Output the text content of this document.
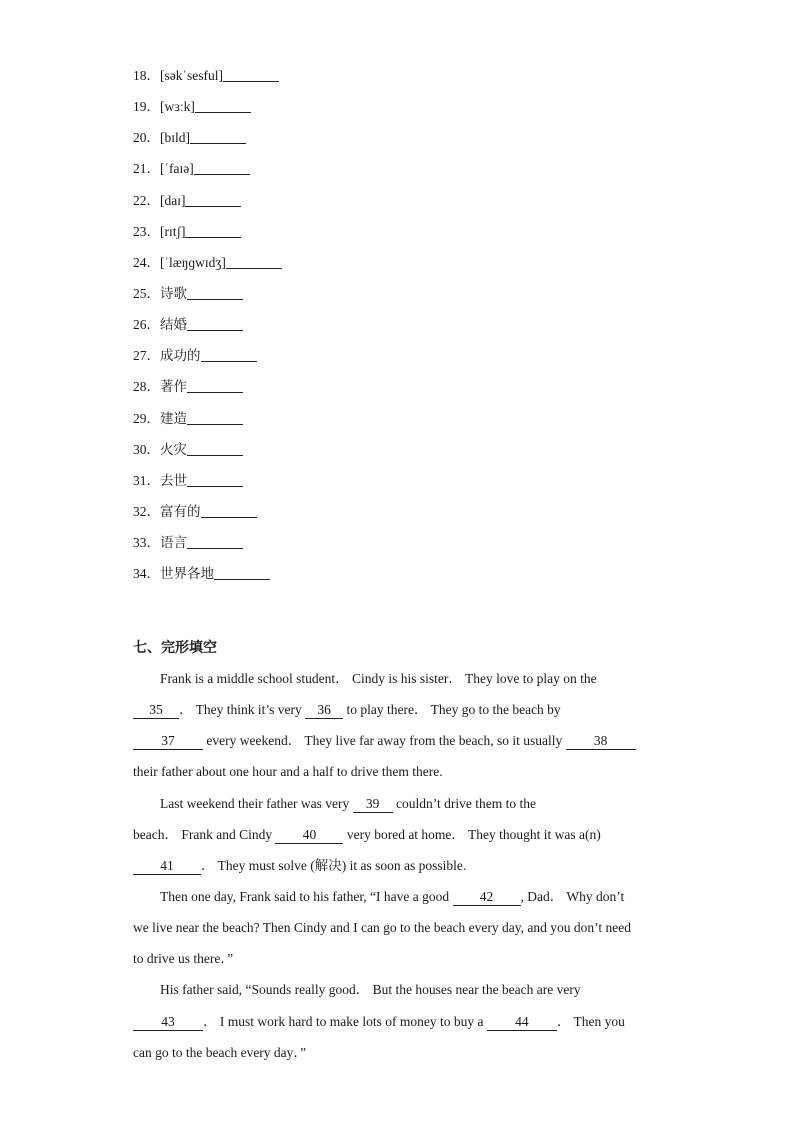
18．[səkˈsesful]
19．[wɜːk]
20．[bɪld]
21．[ˈfaɪə]
22．[daɪ]
23．[rɪtʃ]
24．[ˈlæŋɡwɪdʒ]
25．诗歌
26．结婚
27．成功的
28．著作
29．建造
30．火灾
31．去世
32．富有的
33．语言
34．世界各地
七、完形填空
Frank is a middle school student． Cindy is his sister． They love to play on the
35 ． They think it’s very 36 to play there． They go to the beach by
37 every weekend． They live far away from the beach, so it usually 38
their father about one hour and a half to drive them there.
Last weekend their father was very 39 couldn’t drive them to the
beach． Frank and Cindy 40 very bored at home． They thought it was a(n)
41 ． They must solve (解决) it as soon as possible.
Then one day, Frank said to his father, “I have a good 42 , Dad． Why don’t
we live near the beach? Then Cindy and I can go to the beach every day, and you don’t need
to drive us there．”
His father said, “Sounds really good． But the houses near the beach are very
43 ． I must work hard to make lots of money to buy a 44 ． Then you
can go to the beach every day．”
